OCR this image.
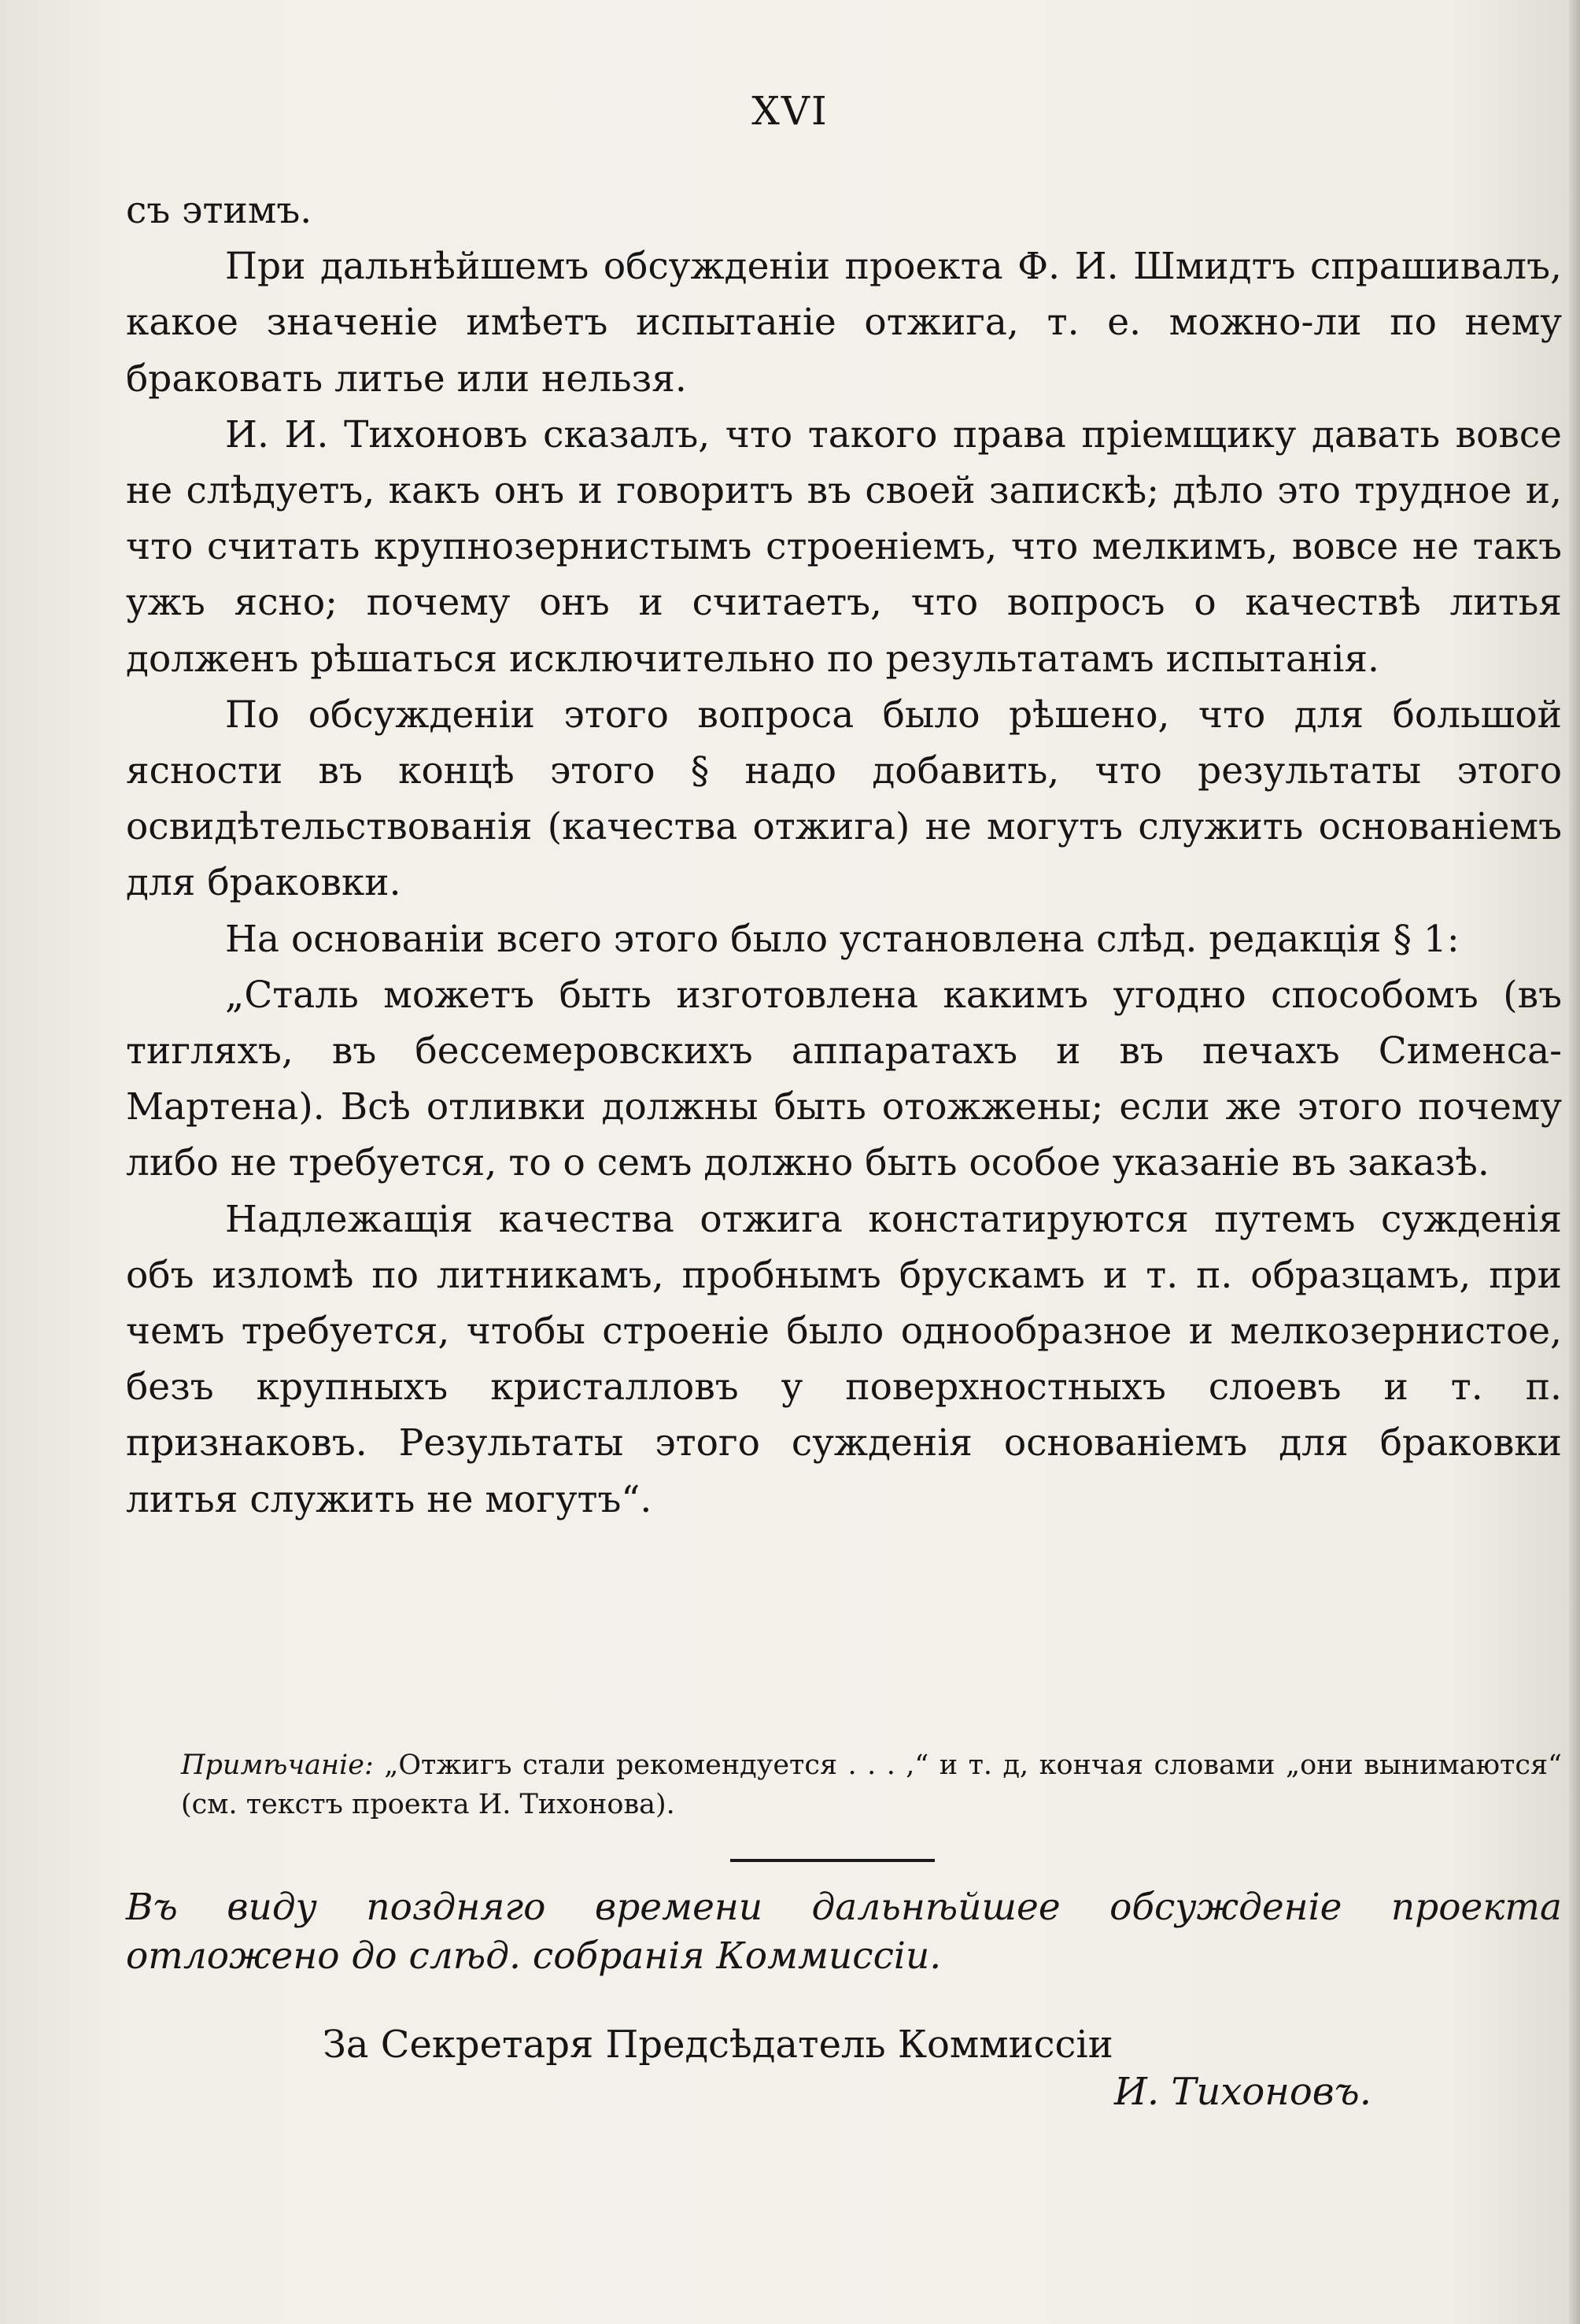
XVI

съ этимъ.

При дальнѣйшемъ обсужденіи проекта Ф. И. Шмидтъ спрашивалъ, какое значеніе имѣетъ испытаніе отжига, т. е. можно-ли по нему браковать литье или нельзя.

И. И. Тихоновъ сказалъ, что такого права пріемщику давать вовсе не слѣдуетъ, какъ онъ и говоритъ въ своей запискѣ; дѣло это трудное и, что считать крупнозернистымъ строеніемъ, что мелкимъ, вовсе не такъ ужъ ясно; почему онъ и считаетъ, что вопросъ о качествѣ литья долженъ рѣшаться исключительно по результатамъ испытанія.

По обсужденіи этого вопроса было рѣшено, что для большой ясности въ концѣ этого § надо добавить, что результаты этого освидѣтельствованія (качества отжига) не могутъ служить основаніемъ для браковки.

На основаніи всего этого было установлена слѣд. редакція § 1:

„Сталь можетъ быть изготовлена какимъ угодно способомъ (въ тигляхъ, въ бессемеровскихъ аппаратахъ и въ печахъ Сименса-Мартена). Всѣ отливки должны быть отожжены; если же этого почему либо не требуется, то о семъ должно быть особое указаніе въ заказѣ.

Надлежащія качества отжига констатируются путемъ сужденія объ изломѣ по литникамъ, пробнымъ брускамъ и т. п. образцамъ, при чемъ требуется, чтобы строеніе было однообразное и мелкозернистое, безъ крупныхъ кристалловъ у поверхностныхъ слоевъ и т. п. признаковъ. Результаты этого сужденія основаніемъ для браковки литья служить не могутъ“.

Примѣчаніе: „Отжигъ стали рекомендуется . . . ,“ и т. д, кончая словами „они вынимаются“ (см. текстъ проекта И. Тихонова).

Въ виду поздняго времени дальнѣйшее обсужденіе проекта отложено до слѣд. собранія Коммиссіи.

За Секретаря Предсѣдатель Коммиссіи
И. Тихоновъ.
